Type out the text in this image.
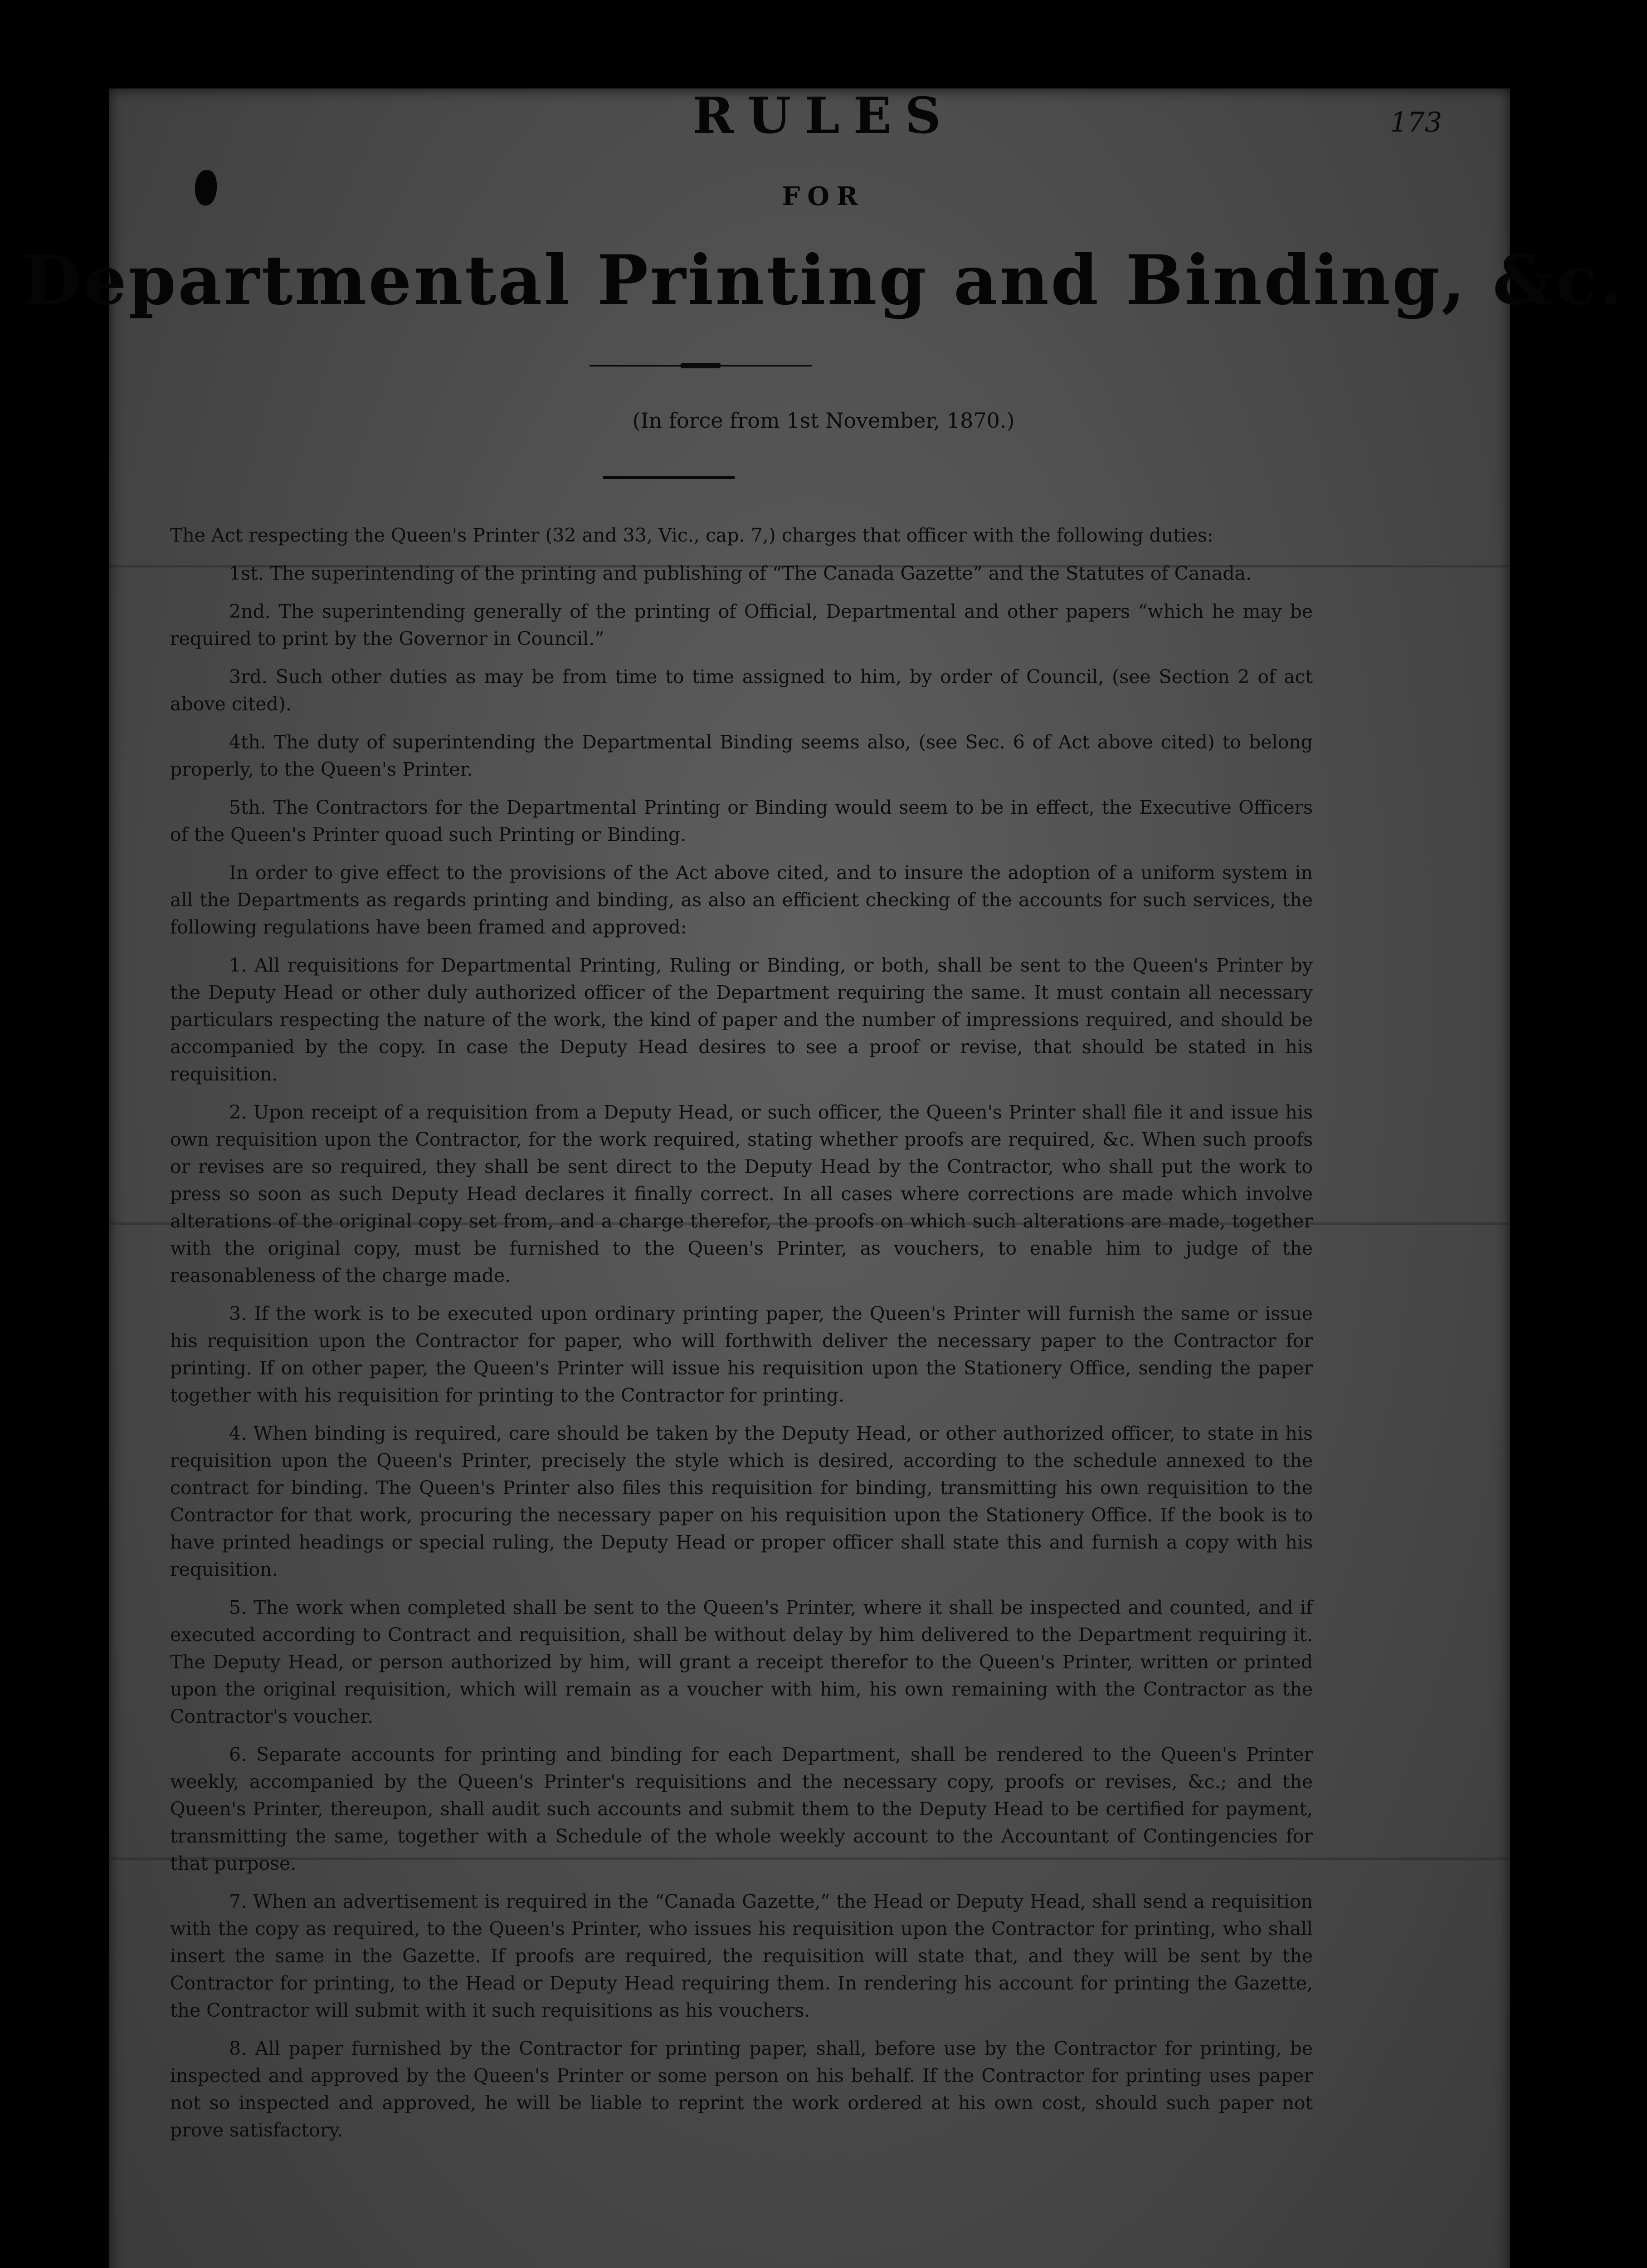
173
RULES
FOR
Departmental Printing and Binding, &c.
(In force from 1st November, 1870.)

The Act respecting the Queen's Printer (32 and 33, Vic., cap. 7,) charges that officer with the following duties:

1st. The superintending of the printing and publishing of “The Canada Gazette” and the Statutes of Canada.

2nd. The superintending generally of the printing of Official, Departmental and other papers “which he may be required to print by the Governor in Council.”

3rd. Such other duties as may be from time to time assigned to him, by order of Council, (see Section 2 of act above cited).

4th. The duty of superintending the Departmental Binding seems also, (see Sec. 6 of Act above cited) to belong properly, to the Queen's Printer.

5th. The Contractors for the Departmental Printing or Binding would seem to be in effect, the Executive Officers of the Queen's Printer quoad such Printing or Binding.

In order to give effect to the provisions of the Act above cited, and to insure the adoption of a uniform system in all the Departments as regards printing and binding, as also an efficient checking of the accounts for such services, the following regulations have been framed and approved:

1. All requisitions for Departmental Printing, Ruling or Binding, or both, shall be sent to the Queen's Printer by the Deputy Head or other duly authorized officer of the Department requiring the same. It must contain all necessary particulars respecting the nature of the work, the kind of paper and the number of impressions required, and should be accompanied by the copy. In case the Deputy Head desires to see a proof or revise, that should be stated in his requisition.

2. Upon receipt of a requisition from a Deputy Head, or such officer, the Queen's Printer shall file it and issue his own requisition upon the Contractor, for the work required, stating whether proofs are required, &c. When such proofs or revises are so required, they shall be sent direct to the Deputy Head by the Contractor, who shall put the work to press so soon as such Deputy Head declares it finally correct. In all cases where corrections are made which involve alterations of the original copy set from, and a charge therefor, the proofs on which such alterations are made, together with the original copy, must be furnished to the Queen's Printer, as vouchers, to enable him to judge of the reasonableness of the charge made.

3. If the work is to be executed upon ordinary printing paper, the Queen's Printer will furnish the same or issue his requisition upon the Contractor for paper, who will forthwith deliver the necessary paper to the Contractor for printing. If on other paper, the Queen's Printer will issue his requisition upon the Stationery Office, sending the paper together with his requisition for printing to the Contractor for printing.

4. When binding is required, care should be taken by the Deputy Head, or other authorized officer, to state in his requisition upon the Queen's Printer, precisely the style which is desired, according to the schedule annexed to the contract for binding. The Queen's Printer also files this requisition for binding, transmitting his own requisition to the Contractor for that work, procuring the necessary paper on his requisition upon the Stationery Office. If the book is to have printed headings or special ruling, the Deputy Head or proper officer shall state this and furnish a copy with his requisition.

5. The work when completed shall be sent to the Queen's Printer, where it shall be inspected and counted, and if executed according to Contract and requisition, shall be without delay by him delivered to the Department requiring it. The Deputy Head, or person authorized by him, will grant a receipt therefor to the Queen's Printer, written or printed upon the original requisition, which will remain as a voucher with him, his own remaining with the Contractor as the Contractor's voucher.

6. Separate accounts for printing and binding for each Department, shall be rendered to the Queen's Printer weekly, accompanied by the Queen's Printer's requisitions and the necessary copy, proofs or revises, &c.; and the Queen's Printer, thereupon, shall audit such accounts and submit them to the Deputy Head to be certified for payment, transmitting the same, together with a Schedule of the whole weekly account to the Accountant of Contingencies for that purpose.

7. When an advertisement is required in the “Canada Gazette,” the Head or Deputy Head, shall send a requisition with the copy as required, to the Queen's Printer, who issues his requisition upon the Contractor for printing, who shall insert the same in the Gazette. If proofs are required, the requisition will state that, and they will be sent by the Contractor for printing, to the Head or Deputy Head requiring them. In rendering his account for printing the Gazette, the Contractor will submit with it such requisitions as his vouchers.

8. All paper furnished by the Contractor for printing paper, shall, before use by the Contractor for printing, be inspected and approved by the Queen's Printer or some person on his behalf. If the Contractor for printing uses paper not so inspected and approved, he will be liable to reprint the work ordered at his own cost, should such paper not prove satisfactory.
